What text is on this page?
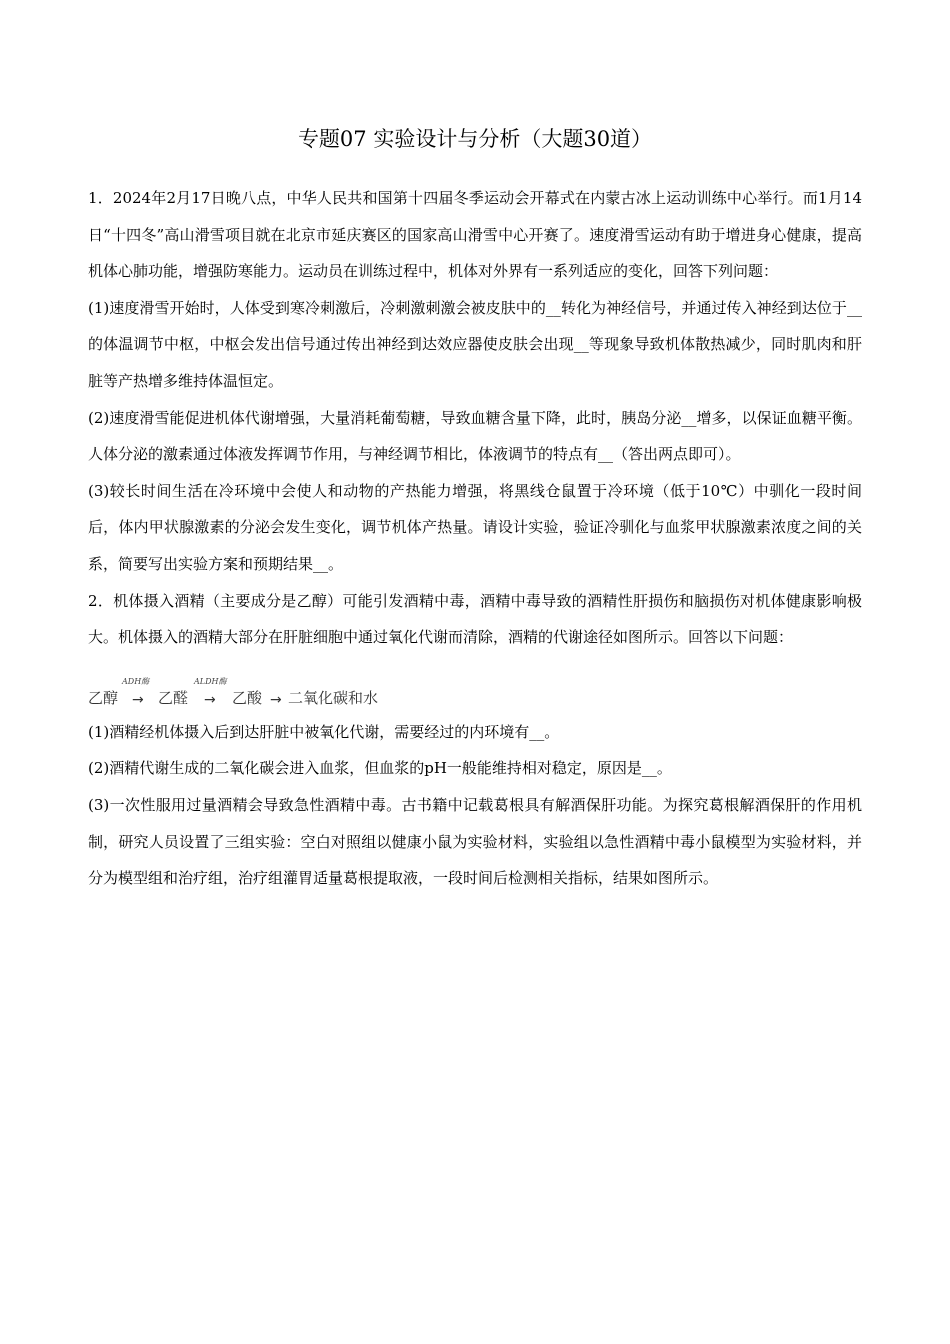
专题07 实验设计与分析（大题30道）

1．2024年2月17日晚八点，中华人民共和国第十四届冬季运动会开幕式在内蒙古冰上运动训练中心举行。而1月14日“十四冬”高山滑雪项目就在北京市延庆赛区的国家高山滑雪中心开赛了。速度滑雪运动有助于增进身心健康，提高机体心肺功能，增强防寒能力。运动员在训练过程中，机体对外界有一系列适应的变化，回答下列问题：

(1)速度滑雪开始时，人体受到寒冷刺激后，冷刺激刺激会被皮肤中的__转化为神经信号，并通过传入神经到达位于__的体温调节中枢，中枢会发出信号通过传出神经到达效应器使皮肤会出现__等现象导致机体散热减少，同时肌肉和肝脏等产热增多维持体温恒定。

(2)速度滑雪能促进机体代谢增强，大量消耗葡萄糖，导致血糖含量下降，此时，胰岛分泌__增多，以保证血糖平衡。人体分泌的激素通过体液发挥调节作用，与神经调节相比，体液调节的特点有__（答出两点即可）。

(3)较长时间生活在冷环境中会使人和动物的产热能力增强，将黑线仓鼠置于冷环境（低于10℃）中驯化一段时间后，体内甲状腺激素的分泌会发生变化，调节机体产热量。请设计实验，验证冷驯化与血浆甲状腺激素浓度之间的关系，简要写出实验方案和预期结果__。

2．机体摄入酒精（主要成分是乙醇）可能引发酒精中毒，酒精中毒导致的酒精性肝损伤和脑损伤对机体健康影响极大。机体摄入的酒精大部分在肝脏细胞中通过氧化代谢而清除，酒精的代谢途径如图所示。回答以下问题：

乙醇
ADH酶
→ 乙醛
ALDH酶
→ 乙酸 → 二氧化碳和水

(1)酒精经机体摄入后到达肝脏中被氧化代谢，需要经过的内环境有__。

(2)酒精代谢生成的二氧化碳会进入血浆，但血浆的pH一般能维持相对稳定，原因是__。

(3)一次性服用过量酒精会导致急性酒精中毒。古书籍中记载葛根具有解酒保肝功能。为探究葛根解酒保肝的作用机制，研究人员设置了三组实验：空白对照组以健康小鼠为实验材料，实验组以急性酒精中毒小鼠模型为实验材料，并分为模型组和治疗组，治疗组灌胃适量葛根提取液，一段时间后检测相关指标，结果如图所示。
